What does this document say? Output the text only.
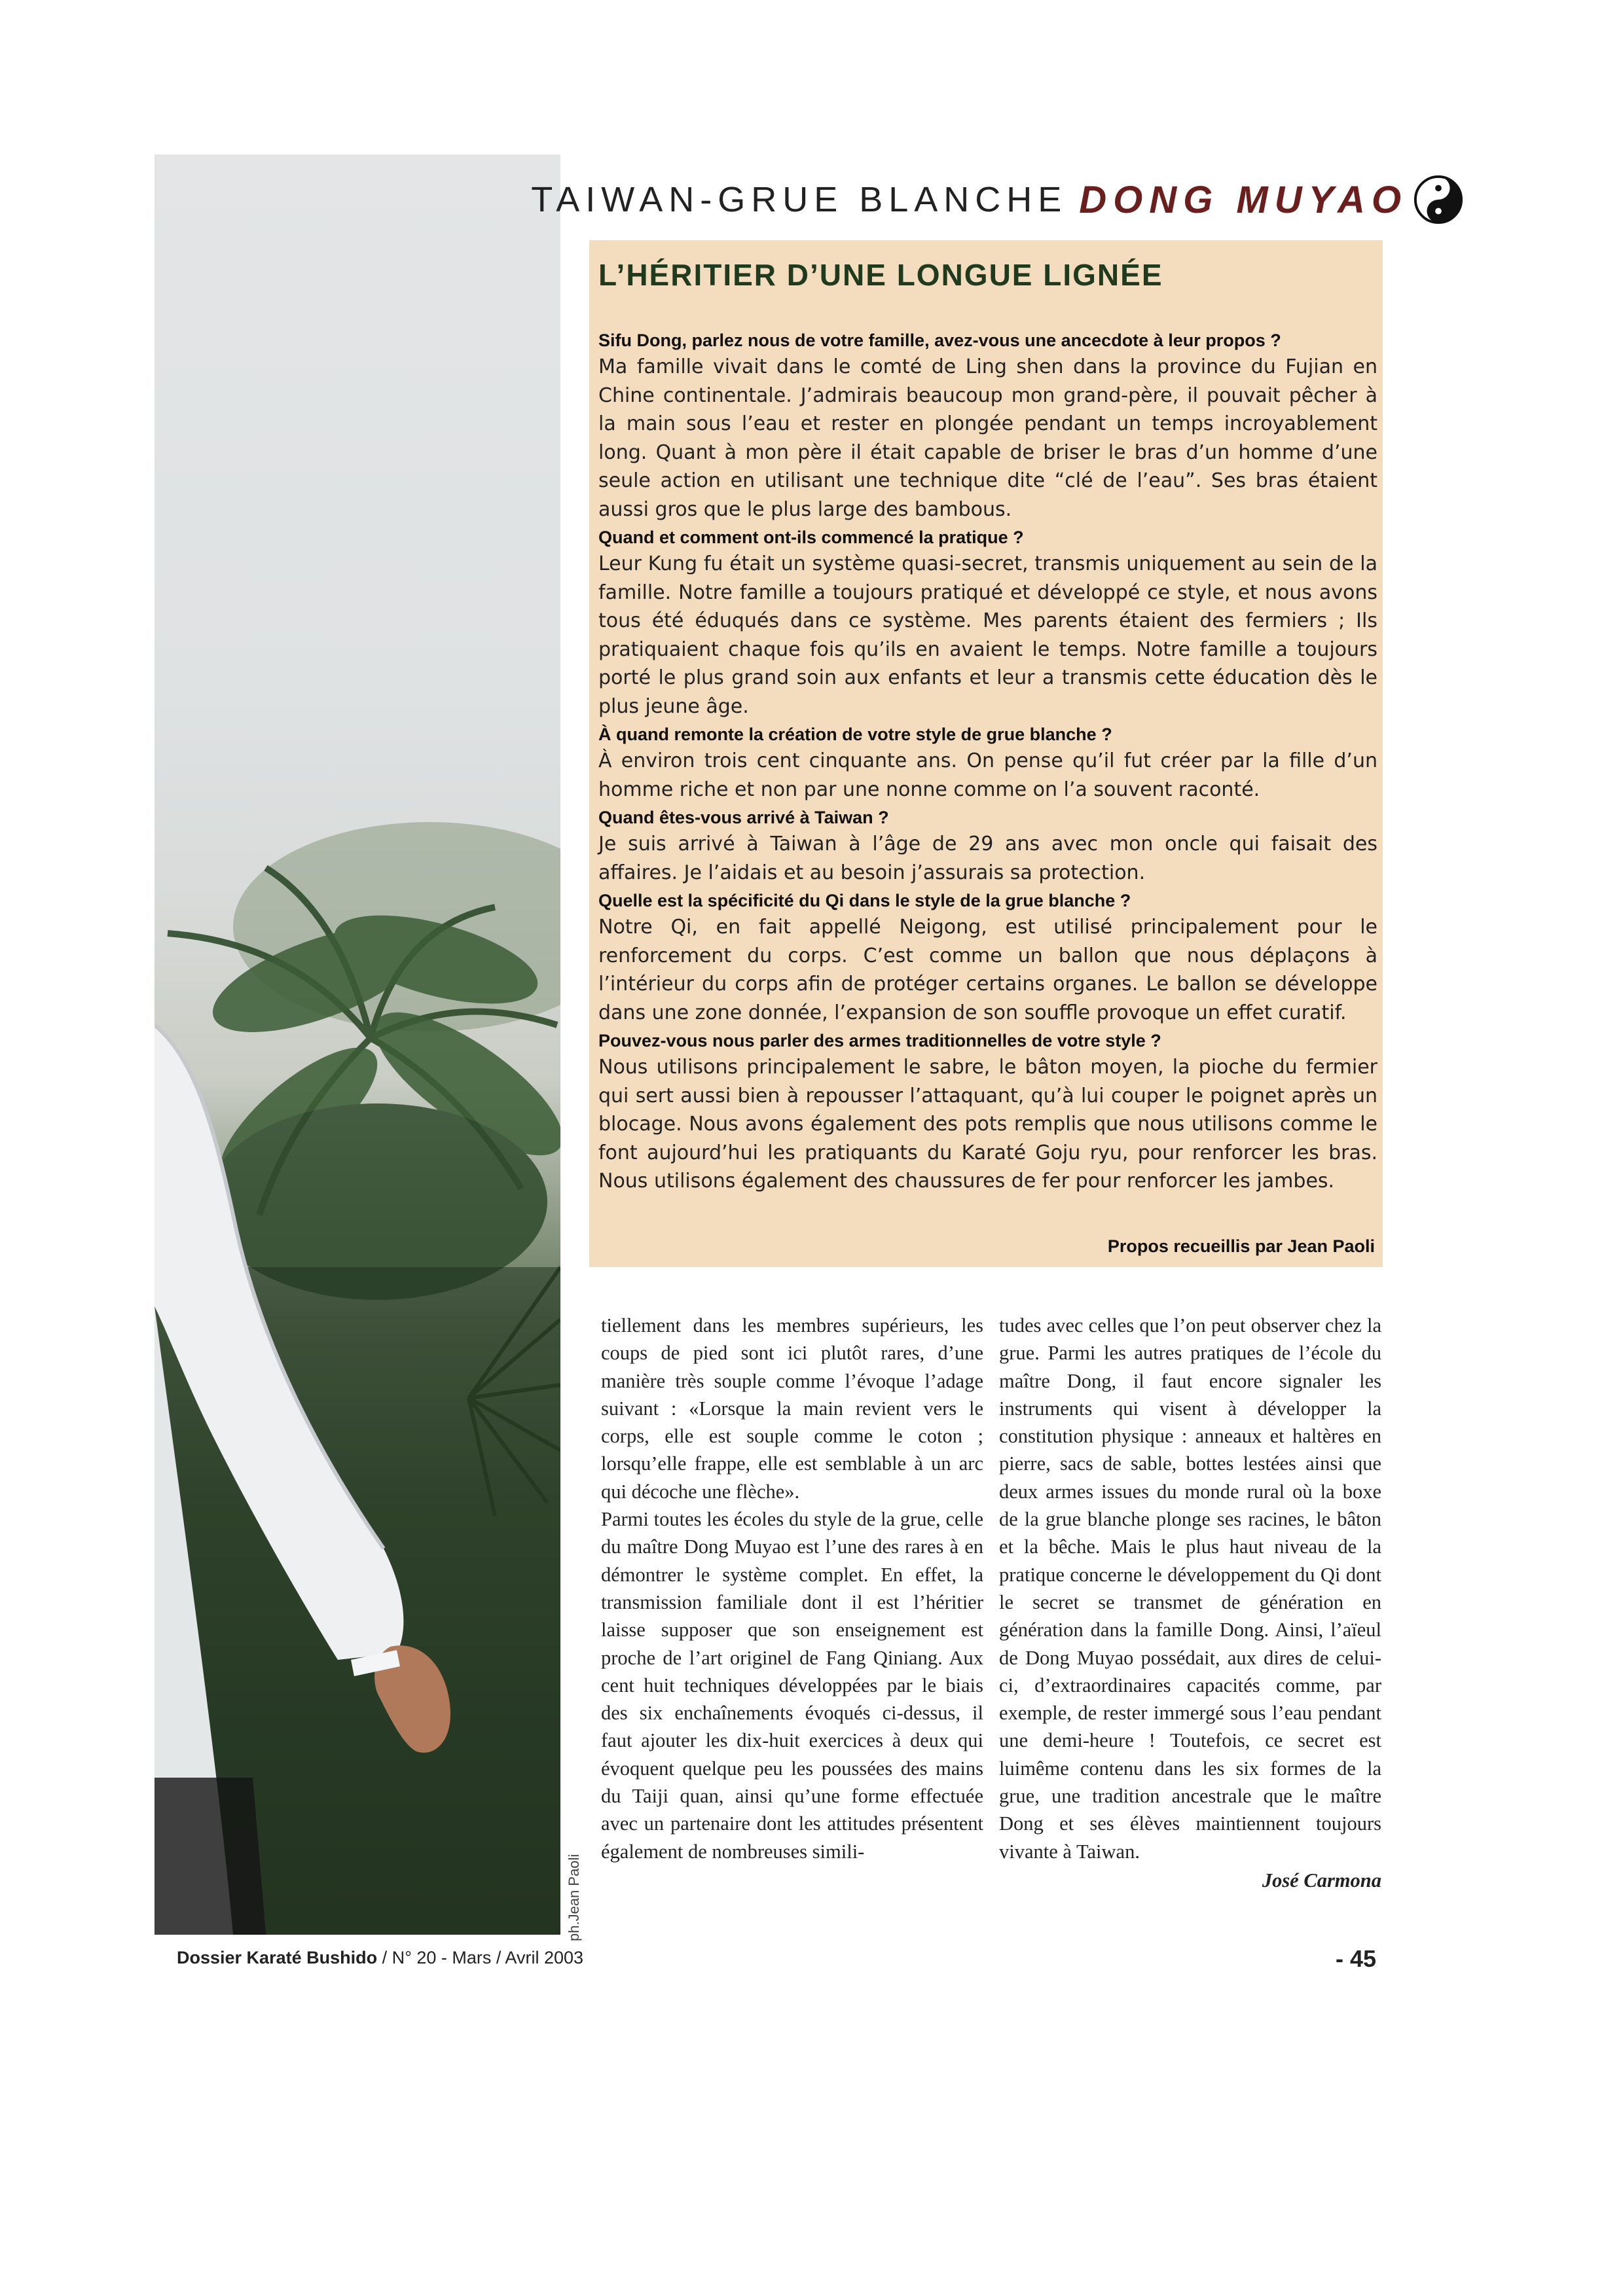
ph.Jean Paoli
TAIWAN-GRUE BLANCHE DONG MUYAO
L’HÉRITIER D’UNE LONGUE LIGNÉE

Sifu Dong, parlez nous de votre famille, avez-vous une ancecdote à leur propos ?

Ma famille vivait dans le comté de Ling shen dans la province du Fujian en Chine continentale. J’admirais beaucoup mon grand-père, il pouvait pêcher à la main sous l’eau et rester en plongée pendant un temps incroyablement long. Quant à mon père il était capable de briser le bras d’un homme d’une seule action en utilisant une technique dite “clé de l’eau”. Ses bras étaient aussi gros que le plus large des bambous.

Quand et comment ont-ils commencé la pratique ?

Leur Kung fu était un système quasi-secret, transmis uniquement au sein de la famille. Notre famille a toujours pratiqué et développé ce style, et nous avons tous été éduqués dans ce système. Mes parents étaient des fermiers ; Ils pratiquaient chaque fois qu’ils en avaient le temps. Notre famille a toujours porté le plus grand soin aux enfants et leur a transmis cette éducation dès le plus jeune âge.

À quand remonte la création de votre style de grue blanche ?

À environ trois cent cinquante ans. On pense qu’il fut créer par la fille d’un homme riche et non par une nonne comme on l’a souvent raconté.

Quand êtes-vous arrivé à Taiwan ?

Je suis arrivé à Taiwan à l’âge de 29 ans avec mon oncle qui faisait des affaires. Je l’aidais et au besoin j’assurais sa protection.

Quelle est la spécificité du Qi dans le style de la grue blanche ?

Notre Qi, en fait appellé Neigong, est utilisé principalement pour le renforcement du corps. C’est comme un ballon que nous déplaçons à l’intérieur du corps afin de protéger certains organes. Le ballon se développe dans une zone donnée, l’expansion de son souffle provoque un effet curatif.

Pouvez-vous nous parler des armes traditionnelles de votre style ?

Nous utilisons principalement le sabre, le bâton moyen, la pioche du fermier qui sert aussi bien à repousser l’attaquant, qu’à lui couper le poignet après un blocage. Nous avons également des pots remplis que nous utilisons comme le font aujourd’hui les pratiquants du Karaté Goju ryu, pour renforcer les bras. Nous utilisons également des chaussures de fer pour renforcer les jambes.

Propos recueillis par Jean Paoli

tiellement dans les membres supérieurs, les coups de pied sont ici plutôt rares, d’une manière très souple comme l’évoque l’adage suivant : «Lorsque la main revient vers le corps, elle est souple comme le coton ; lorsqu’elle frappe, elle est semblable à un arc qui décoche une flèche».

Parmi toutes les écoles du style de la grue, celle du maître Dong Muyao est l’une des rares à en démontrer le système complet. En effet, la transmission familiale dont il est l’héritier laisse supposer que son enseignement est proche de l’art originel de Fang Qiniang. Aux cent huit techniques développées par le biais des six enchaînements évoqués ci-dessus, il faut ajouter les dix-huit exercices à deux qui évoquent quelque peu les poussées des mains du Taiji quan, ainsi qu’une forme effectuée avec un partenaire dont les attitudes présentent également de nombreuses simili-

tudes avec celles que l’on peut observer chez la grue. Parmi les autres pratiques de l’école du maître Dong, il faut encore signaler les instruments qui visent à développer la constitution physique : anneaux et haltères en pierre, sacs de sable, bottes lestées ainsi que deux armes issues du monde rural où la boxe de la grue blanche plonge ses racines, le bâton et la bêche. Mais le plus haut niveau de la pratique concerne le développement du Qi dont le secret se transmet de génération en génération dans la famille Dong. Ainsi, l’aïeul de Dong Muyao possédait, aux dires de celui-ci, d’extraordinaires capacités comme, par exemple, de rester immergé sous l’eau pendant une demi-heure ! Toutefois, ce secret est luimême contenu dans les six formes de la grue, une tradition ancestrale que le maître Dong et ses élèves maintiennent toujours vivante à Taiwan.

José Carmona

Dossier Karaté Bushido / N° 20 - Mars / Avril 2003	- 45
